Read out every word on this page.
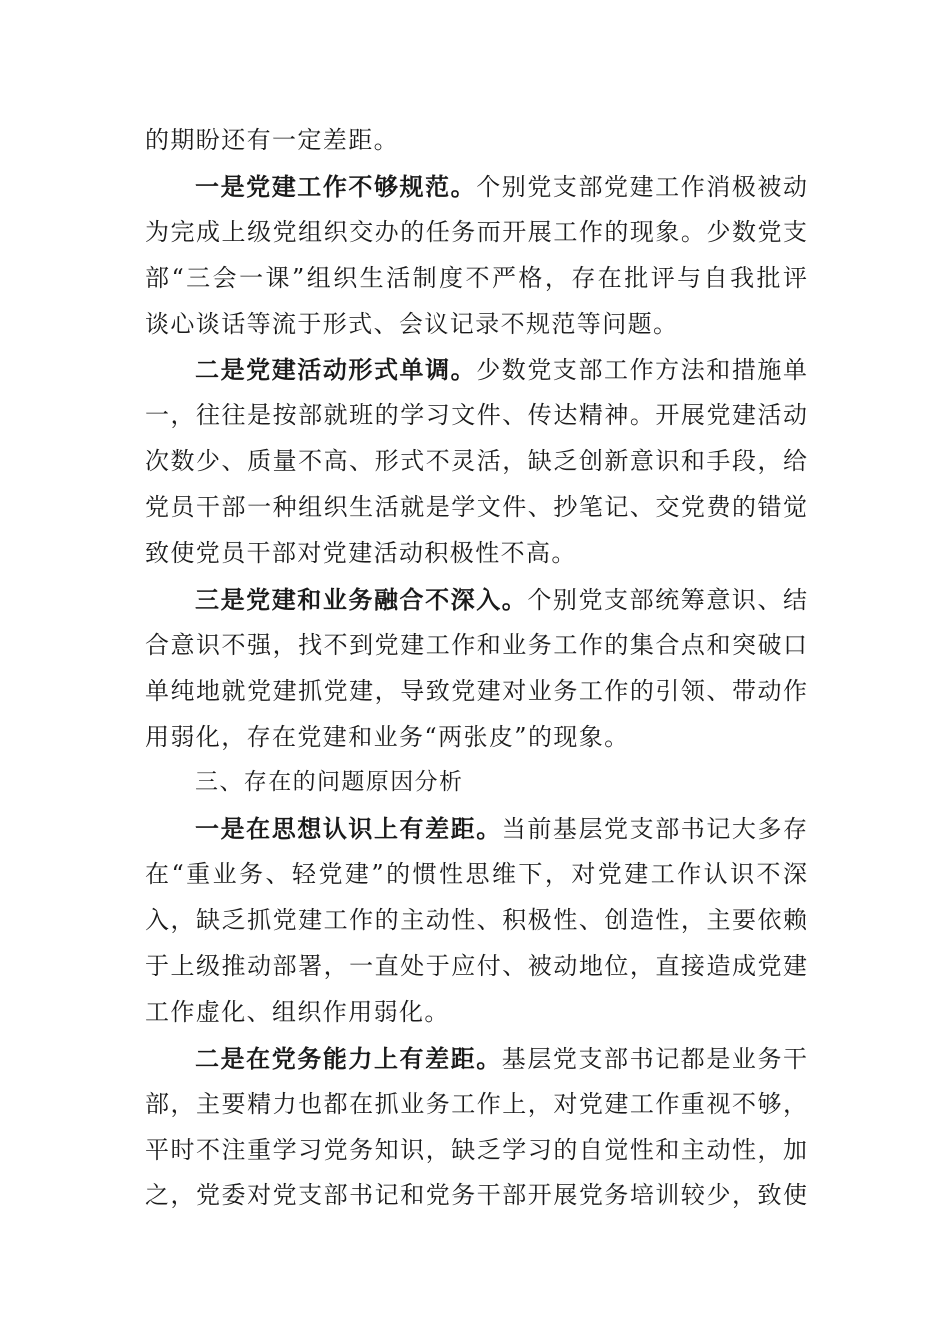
的期盼还有一定差距。
一是党建工作不够规范。个别党支部党建工作消极被动
为完成上级党组织交办的任务而开展工作的现象。少数党支
部“三会一课”组织生活制度不严格，存在批评与自我批评
谈心谈话等流于形式、会议记录不规范等问题。
二是党建活动形式单调。少数党支部工作方法和措施单
一，往往是按部就班的学习文件、传达精神。开展党建活动
次数少、质量不高、形式不灵活，缺乏创新意识和手段，给
党员干部一种组织生活就是学文件、抄笔记、交党费的错觉
致使党员干部对党建活动积极性不高。
三是党建和业务融合不深入。个别党支部统筹意识、结
合意识不强，找不到党建工作和业务工作的集合点和突破口
单纯地就党建抓党建，导致党建对业务工作的引领、带动作
用弱化，存在党建和业务“两张皮”的现象。
三、存在的问题原因分析
一是在思想认识上有差距。当前基层党支部书记大多存
在“重业务、轻党建”的惯性思维下，对党建工作认识不深
入，缺乏抓党建工作的主动性、积极性、创造性，主要依赖
于上级推动部署，一直处于应付、被动地位，直接造成党建
工作虚化、组织作用弱化。
二是在党务能力上有差距。基层党支部书记都是业务干
部，主要精力也都在抓业务工作上，对党建工作重视不够，
平时不注重学习党务知识，缺乏学习的自觉性和主动性，加
之，党委对党支部书记和党务干部开展党务培训较少，致使
